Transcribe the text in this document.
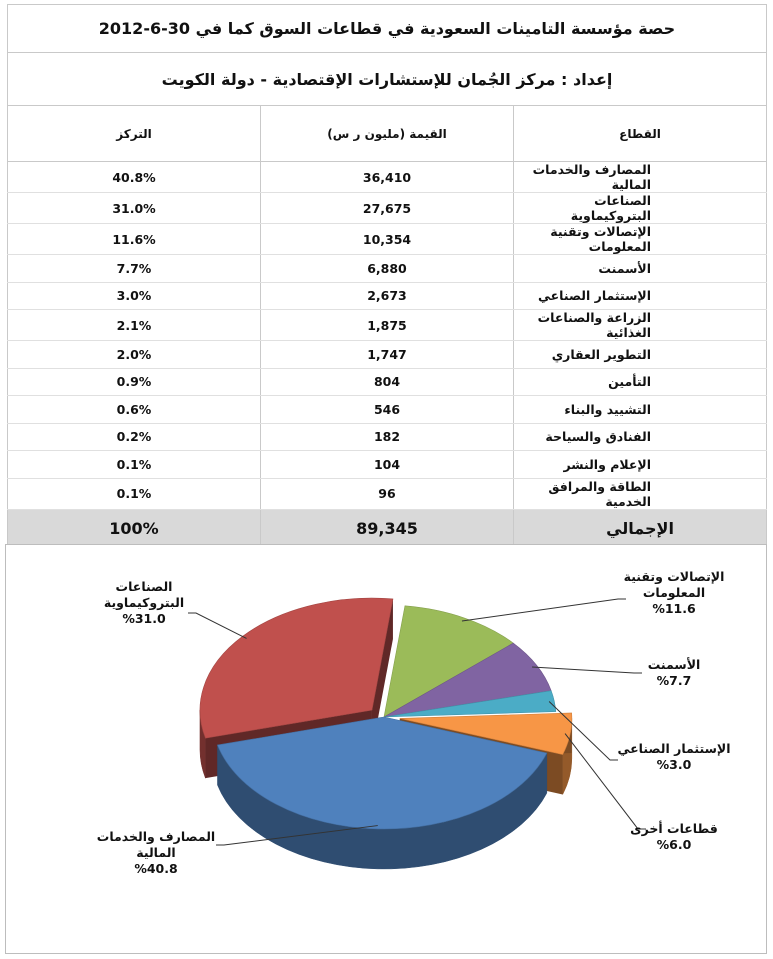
حصة مؤسسة التامينات السعودية في قطاعات السوق كما في 30-6-2012		
إعداد : مركز الجُمان للإستشارات الإقتصادية - دولة الكويت		
القطاع	القيمة (مليون ر س)	التركز
المصارف والخدمات المالية	36,410	40.8%
الصناعات البتروكيماوية	27,675	31.0%
الإتصالات وتقنية المعلومات	10,354	11.6%
الأسمنت	6,880	7.7%
الإستثمار الصناعي	2,673	3.0%
الزراعة والصناعات الغذائية	1,875	2.1%
التطوير العقاري	1,747	2.0%
التأمين	804	0.9%
التشييد والبناء	546	0.6%
الفنادق والسياحة	182	0.2%
الإعلام والنشر	104	0.1%
الطاقة والمرافق الخدمية	96	0.1%
الإجمالي	89,345	100%
الإتصالات وتقنية المعلومات %11.6
الأسمنت %7.7
الإستثمار الصناعي %3.0
قطاعات أخرى %6.0
المصارف والخدمات المالية %40.8
الصناعات البتروكيماوية %31.0
